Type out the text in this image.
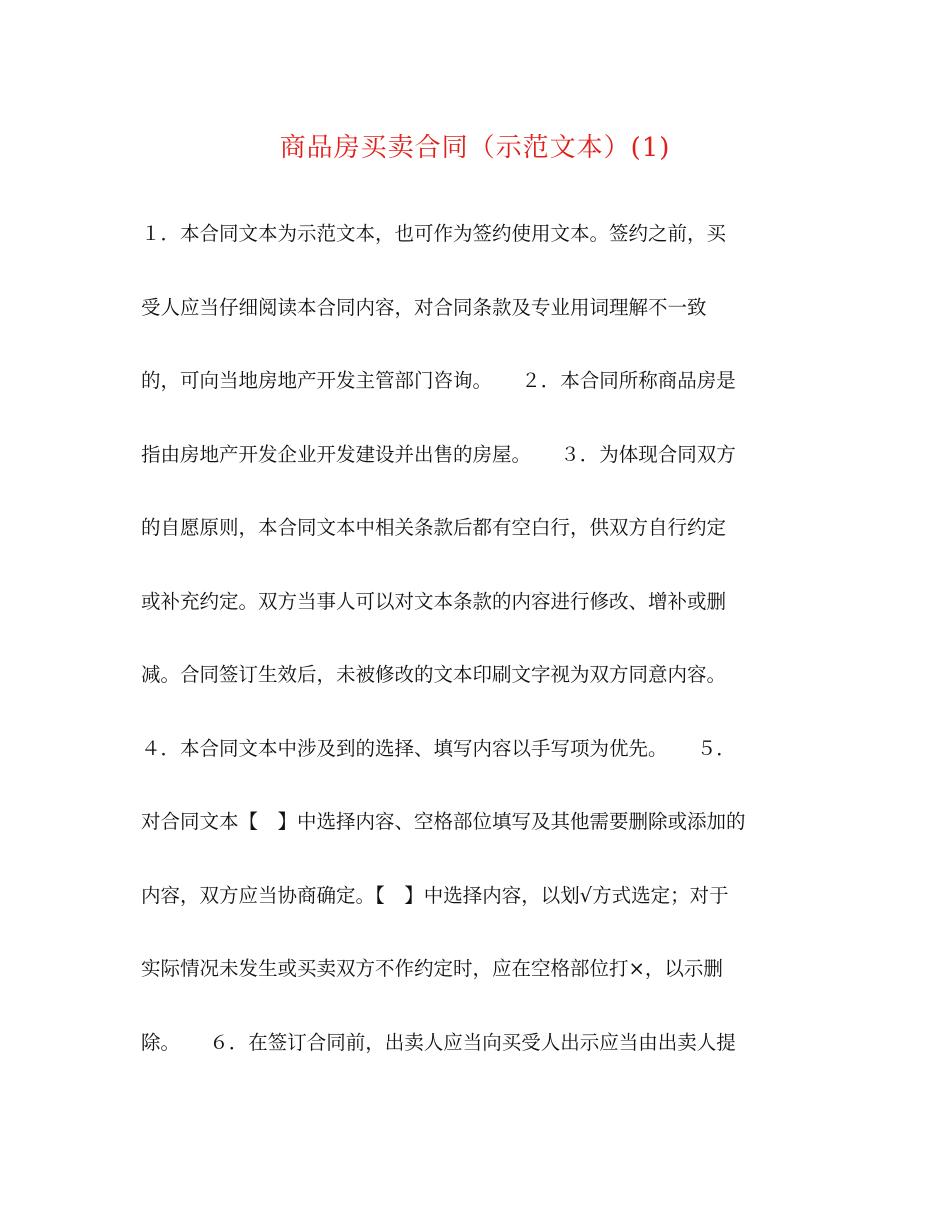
商品房买卖合同（示范文本）(1)
１．本合同文本为示范文本，也可作为签约使用文本。签约之前，买
受人应当仔细阅读本合同内容，对合同条款及专业用词理解不一致
的，可向当地房地产开发主管部门咨询。　　２．本合同所称商品房是
指由房地产开发企业开发建设并出售的房屋。　　３．为体现合同双方
的自愿原则，本合同文本中相关条款后都有空白行，供双方自行约定
或补充约定。双方当事人可以对文本条款的内容进行修改、增补或删
减。合同签订生效后，未被修改的文本印刷文字视为双方同意内容。
４．本合同文本中涉及到的选择、填写内容以手写项为优先。　　５．
对合同文本【　】中选择内容、空格部位填写及其他需要删除或添加的
内容，双方应当协商确定。【　】中选择内容，以划√方式选定；对于
实际情况未发生或买卖双方不作约定时，应在空格部位打×，以示删
除。　　６．在签订合同前，出卖人应当向买受人出示应当由出卖人提
